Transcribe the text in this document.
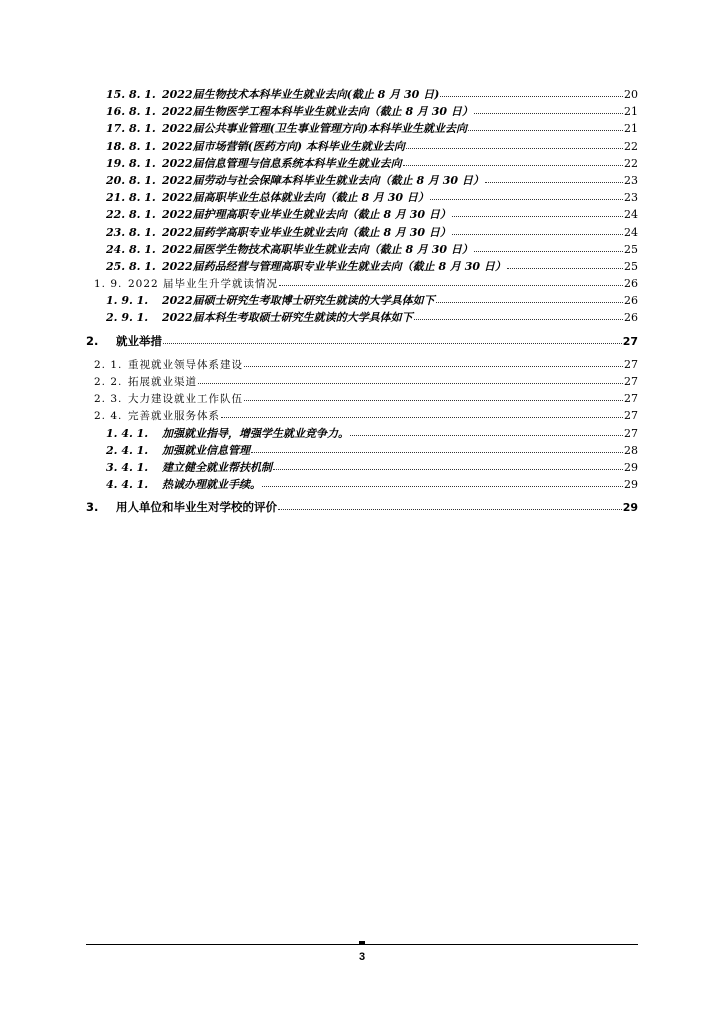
15. 8. 1. 2022届生物技术本科毕业生就业去向(截止 8 月 30 日)	20
16. 8. 1. 2022届生物医学工程本科毕业生就业去向（截止 8 月 30 日）	21
17. 8. 1. 2022届公共事业管理(卫生事业管理方向)本科毕业生就业去向	21
18. 8. 1. 2022届市场营销(医药方向) 本科毕业生就业去向	22
19. 8. 1. 2022届信息管理与信息系统本科毕业生就业去向	22
20. 8. 1. 2022届劳动与社会保障本科毕业生就业去向（截止 8 月 30 日）	23
21. 8. 1. 2022届高职毕业生总体就业去向（截止 8 月 30 日）	23
22. 8. 1. 2022届护理高职专业毕业生就业去向（截止 8 月 30 日）	24
23. 8. 1. 2022届药学高职专业毕业生就业去向（截止 8 月 30 日）	24
24. 8. 1. 2022届医学生物技术高职毕业生就业去向（截止 8 月 30 日）	25
25. 8. 1. 2022届药品经营与管理高职专业毕业生就业去向（截止 8 月 30 日）	25
1. 9. 2022 届毕业生升学就读情况	26
1. 9. 1.	2022届硕士研究生考取博士研究生就读的大学具体如下	26
2. 9. 1.	2022届本科生考取硕士研究生就读的大学具体如下	26
2.	就业举措	27
2. 1. 重视就业领导体系建设	27
2. 2. 拓展就业渠道	27
2. 3. 大力建设就业工作队伍	27
2. 4. 完善就业服务体系	27
1. 4. 1.	加强就业指导，增强学生就业竞争力。	27
2. 4. 1.	加强就业信息管理	28
3. 4. 1.	建立健全就业帮扶机制	29
4. 4. 1.	热诚办理就业手续。	29
3.	用人单位和毕业生对学校的评价	29
3
